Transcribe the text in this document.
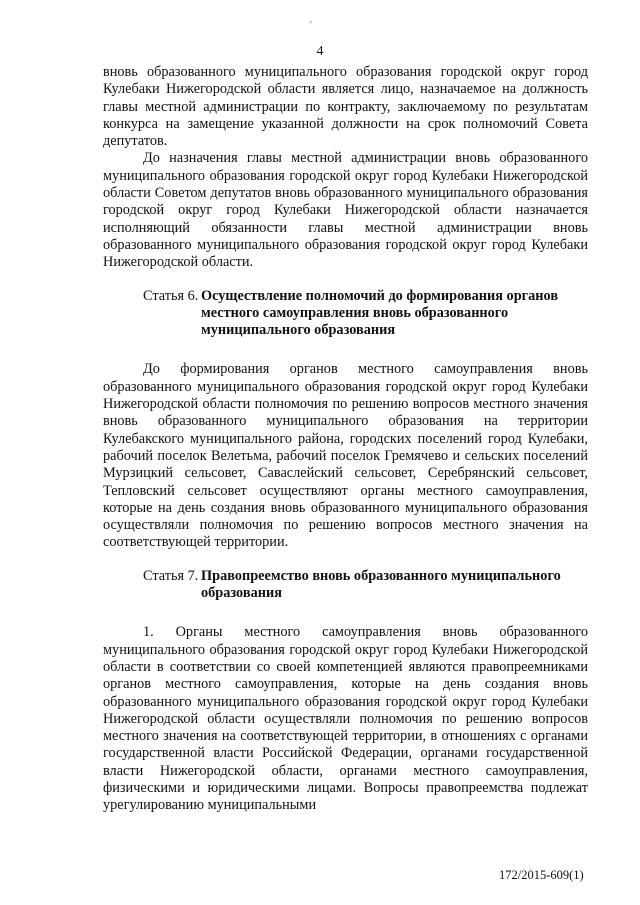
'
4

вновь образованного муниципального образования городской округ город Кулебаки Нижегородской области является лицо, назначаемое на должность главы местной администрации по контракту, заключаемому по результатам конкурса на замещение указанной должности на срок полномочий Совета депутатов.

До назначения главы местной администрации вновь образованного муниципального образования городской округ город Кулебаки Нижегородской области Советом депутатов вновь образованного муниципального образования городской округ город Кулебаки Нижегородской области назначается исполняющий обязанности главы местной администрации вновь образованного муниципального образования городской округ город Кулебаки Нижегородской области.

Статья 6. Осуществление полномочий до формирования органов местного самоуправления вновь образованного муниципального образования

До формирования органов местного самоуправления вновь образованного муниципального образования городской округ город Кулебаки Нижегородской области полномочия по решению вопросов местного значения вновь образованного муниципального образования на территории Кулебакского муниципального района, городских поселений город Кулебаки, рабочий поселок Велетьма, рабочий поселок Гремячево и сельских поселений Мурзицкий сельсовет, Саваслейский сельсовет, Серебрянский сельсовет, Тепловский сельсовет осуществляют органы местного самоуправления, которые на день создания вновь образованного муниципального образования осуществляли полномочия по решению вопросов местного значения на соответствующей территории.

Статья 7. Правопреемство вновь образованного муниципального образования

1. Органы местного самоуправления вновь образованного муниципального образования городской округ город Кулебаки Нижегородской области в соответствии со своей компетенцией являются правопреемниками органов местного самоуправления, которые на день создания вновь образованного муниципального образования городской округ город Кулебаки Нижегородской области осуществляли полномочия по решению вопросов местного значения на соответствующей территории, в отношениях с органами государственной власти Российской Федерации, органами государственной власти Нижегородской области, органами местного самоуправления, физическими и юридическими лицами. Вопросы правопреемства подлежат урегулированию муниципальными

172/2015-609(1)
